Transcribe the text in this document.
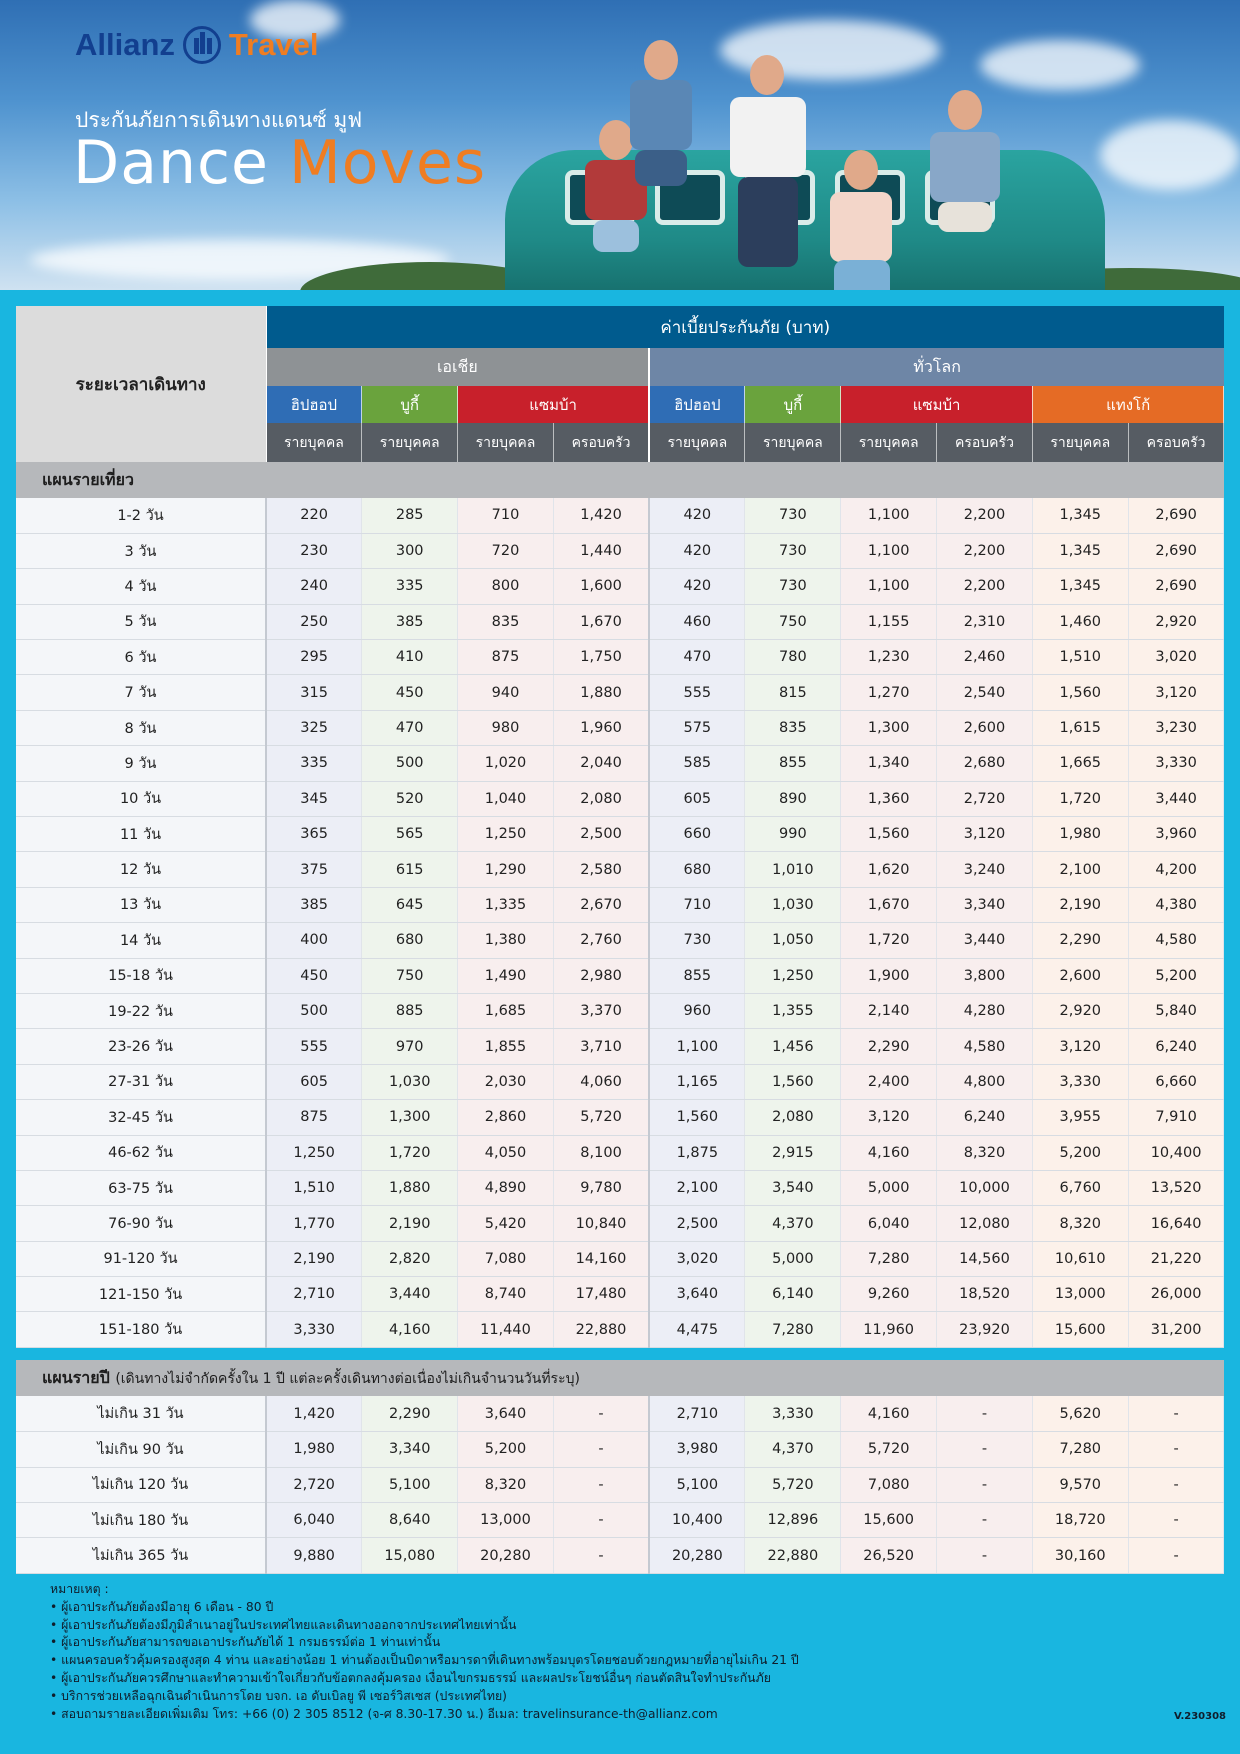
Allianz Travel
ประกันภัยการเดินทางแดนซ์ มูฟ
Dance Moves
ระยะเวลาเดินทาง	ค่าเบี้ยประกันภัย (บาท)									
	เอเชีย				ทั่วโลก					
	ฮิปฮอป	บูกี้	แซมบ้า		ฮิปฮอป	บูกี้	แซมบ้า		แทงโก้	
	รายบุคคล	รายบุคคล	รายบุคคล	ครอบครัว	รายบุคคล	รายบุคคล	รายบุคคล	ครอบครัว	รายบุคคล	ครอบครัว
แผนรายเที่ยว										
1-2 วัน	220	285	710	1,420	420	730	1,100	2,200	1,345	2,690
3 วัน	230	300	720	1,440	420	730	1,100	2,200	1,345	2,690
4 วัน	240	335	800	1,600	420	730	1,100	2,200	1,345	2,690
5 วัน	250	385	835	1,670	460	750	1,155	2,310	1,460	2,920
6 วัน	295	410	875	1,750	470	780	1,230	2,460	1,510	3,020
7 วัน	315	450	940	1,880	555	815	1,270	2,540	1,560	3,120
8 วัน	325	470	980	1,960	575	835	1,300	2,600	1,615	3,230
9 วัน	335	500	1,020	2,040	585	855	1,340	2,680	1,665	3,330
10 วัน	345	520	1,040	2,080	605	890	1,360	2,720	1,720	3,440
11 วัน	365	565	1,250	2,500	660	990	1,560	3,120	1,980	3,960
12 วัน	375	615	1,290	2,580	680	1,010	1,620	3,240	2,100	4,200
13 วัน	385	645	1,335	2,670	710	1,030	1,670	3,340	2,190	4,380
14 วัน	400	680	1,380	2,760	730	1,050	1,720	3,440	2,290	4,580
15-18 วัน	450	750	1,490	2,980	855	1,250	1,900	3,800	2,600	5,200
19-22 วัน	500	885	1,685	3,370	960	1,355	2,140	4,280	2,920	5,840
23-26 วัน	555	970	1,855	3,710	1,100	1,456	2,290	4,580	3,120	6,240
27-31 วัน	605	1,030	2,030	4,060	1,165	1,560	2,400	4,800	3,330	6,660
32-45 วัน	875	1,300	2,860	5,720	1,560	2,080	3,120	6,240	3,955	7,910
46-62 วัน	1,250	1,720	4,050	8,100	1,875	2,915	4,160	8,320	5,200	10,400
63-75 วัน	1,510	1,880	4,890	9,780	2,100	3,540	5,000	10,000	6,760	13,520
76-90 วัน	1,770	2,190	5,420	10,840	2,500	4,370	6,040	12,080	8,320	16,640
91-120 วัน	2,190	2,820	7,080	14,160	3,020	5,000	7,280	14,560	10,610	21,220
121-150 วัน	2,710	3,440	8,740	17,480	3,640	6,140	9,260	18,520	13,000	26,000
151-180 วัน	3,330	4,160	11,440	22,880	4,475	7,280	11,960	23,920	15,600	31,200

แผนรายปี (เดินทางไม่จำกัดครั้งใน 1 ปี แต่ละครั้งเดินทางต่อเนื่องไม่เกินจำนวนวันที่ระบุ)										
ไม่เกิน 31 วัน	1,420	2,290	3,640	-	2,710	3,330	4,160	-	5,620	-
ไม่เกิน 90 วัน	1,980	3,340	5,200	-	3,980	4,370	5,720	-	7,280	-
ไม่เกิน 120 วัน	2,720	5,100	8,320	-	5,100	5,720	7,080	-	9,570	-
ไม่เกิน 180 วัน	6,040	8,640	13,000	-	10,400	12,896	15,600	-	18,720	-
ไม่เกิน 365 วัน	9,880	15,080	20,280	-	20,280	22,880	26,520	-	30,160	-
หมายเหตุ :
• ผู้เอาประกันภัยต้องมีอายุ 6 เดือน - 80 ปี
• ผู้เอาประกันภัยต้องมีภูมิลำเนาอยู่ในประเทศไทยและเดินทางออกจากประเทศไทยเท่านั้น
• ผู้เอาประกันภัยสามารถขอเอาประกันภัยได้ 1 กรมธรรม์ต่อ 1 ท่านเท่านั้น
• แผนครอบครัวคุ้มครองสูงสุด 4 ท่าน และอย่างน้อย 1 ท่านต้องเป็นบิดาหรือมารดาที่เดินทางพร้อมบุตรโดยชอบด้วยกฎหมายที่อายุไม่เกิน 21 ปี
• ผู้เอาประกันภัยควรศึกษาและทำความเข้าใจเกี่ยวกับข้อตกลงคุ้มครอง เงื่อนไขกรมธรรม์ และผลประโยชน์อื่นๆ ก่อนตัดสินใจทำประกันภัย
• บริการช่วยเหลือฉุกเฉินดำเนินการโดย บจก. เอ ดับเบิลยู พี เซอร์วิสเซส (ประเทศไทย)
• สอบถามรายละเอียดเพิ่มเติม โทร: +66 (0) 2 305 8512 (จ-ศ 8.30-17.30 น.) อีเมล: travelinsurance-th@allianz.com	V.230308
